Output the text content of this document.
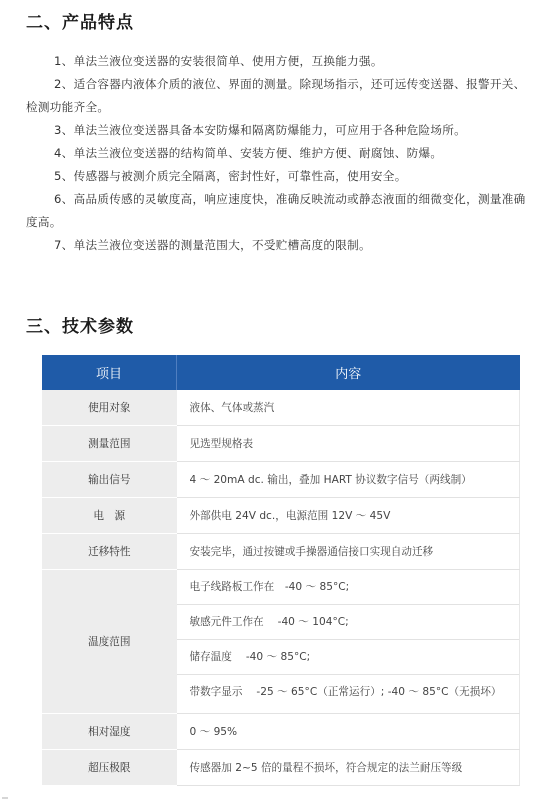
二、产品特点
1、单法兰液位变送器的安装很简单、使用方便，互换能力强。
2、适合容器内液体介质的液位、界面的测量。除现场指示，还可远传变送器、报警开关、检测功能齐全。
3、单法兰液位变送器具备本安防爆和隔离防爆能力，可应用于各种危险场所。
4、单法兰液位变送器的结构简单、安装方便、维护方便、耐腐蚀、防爆。
5、传感器与被测介质完全隔离，密封性好，可靠性高，使用安全。
6、高品质传感的灵敏度高，响应速度快，准确反映流动或静态液面的细微变化，测量准确度高。
7、单法兰液位变送器的测量范围大，不受贮槽高度的限制。
三、技术参数
项目	内容
使用对象	液体、气体或蒸汽
测量范围	见选型规格表
输出信号	4 ～ 20mA dc. 输出，叠加 HART 协议数字信号（两线制）
电　源	外部供电 24V dc.，电源范围 12V ～ 45V
迁移特性	安装完毕，通过按键或手操器通信接口实现自动迁移
温度范围	电子线路板工作在　-40 ～ 85°C;
敏感元件工作在　 -40 ～ 104°C;
储存温度　 -40 ～ 85°C;
带数字显示　 -25 ～ 65°C（正常运行）; -40 ～ 85°C（无损坏）

相对湿度	0 ～ 95%
超压极限	传感器加 2~5 倍的量程不损坏，符合规定的法兰耐压等级
